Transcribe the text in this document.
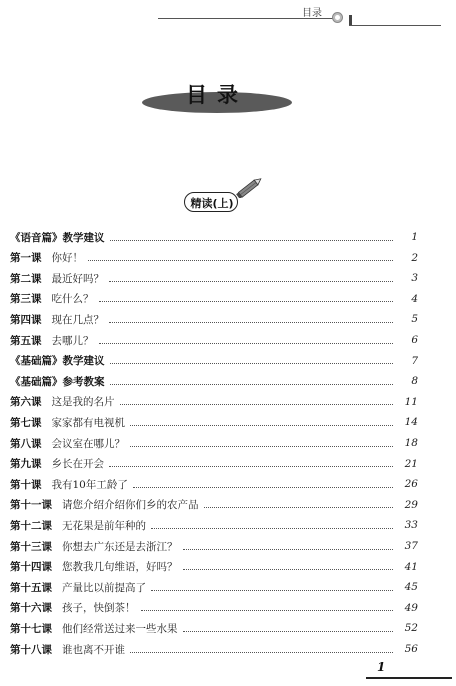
目录
目录
精读(上)
《语音篇》教学建议	1
第一课 你好！	2
第二课 最近好吗？	3
第三课 吃什么？	4
第四课 现在几点？	5
第五课 去哪儿？	6
《基础篇》教学建议	7
《基础篇》参考教案	8
第六课 这是我的名片	11
第七课 家家都有电视机	14
第八课 会议室在哪儿？	18
第九课 乡长在开会	21
第十课 我有10年工龄了	26
第十一课 请您介绍介绍你们乡的农产品	29
第十二课 无花果是前年种的	33
第十三课 你想去广东还是去浙江？	37
第十四课 您教我几句维语，好吗？	41
第十五课 产量比以前提高了	45
第十六课 孩子，快倒茶！	49
第十七课 他们经常送过来一些水果	52
第十八课 谁也离不开谁	56
1
